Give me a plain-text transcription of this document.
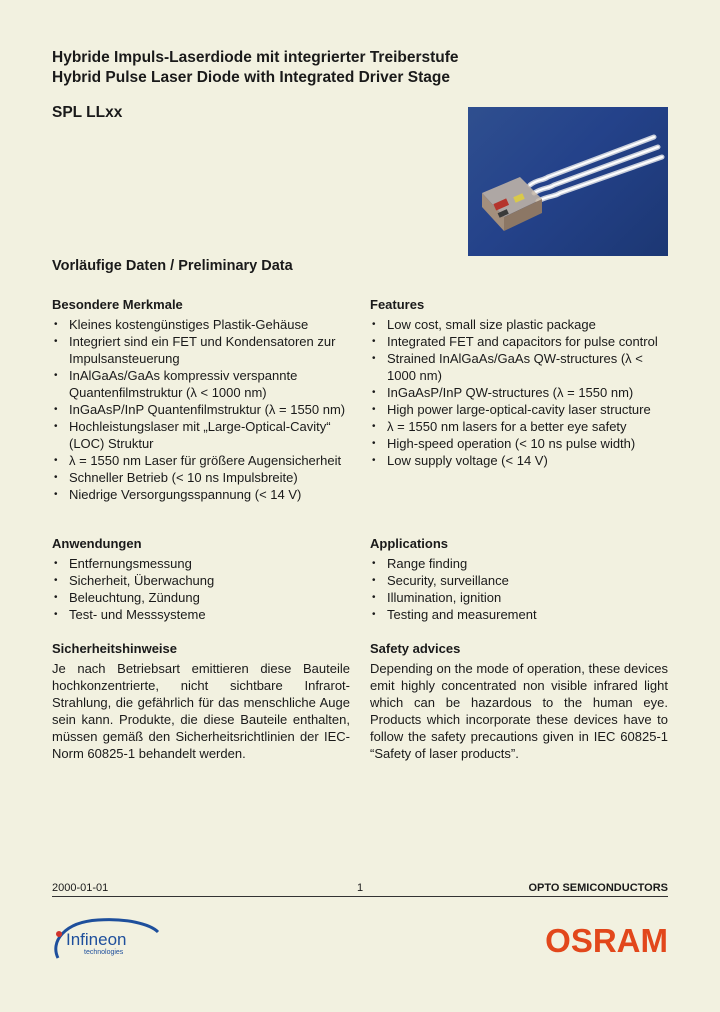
Hybride Impuls-Laserdiode mit integrierter Treiberstufe

Hybrid Pulse Laser Diode with Integrated Driver Stage

SPL LLxx
Vorläufige Daten / Preliminary Data
Besondere Merkmale
• Kleines kostengünstiges Plastik-Gehäuse
• Integriert sind ein FET und Kondensatoren zur Impulsansteuerung
• InAlGaAs/GaAs kompressiv verspannte Quantenfilmstruktur (λ < 1000 nm)
• InGaAsP/InP Quantenfilmstruktur (λ = 1550 nm)
• Hochleistungslaser mit „Large-Optical-Cavity“ (LOC) Struktur
• λ = 1550 nm Laser für größere Augensicherheit
• Schneller Betrieb (< 10 ns Impulsbreite)
• Niedrige Versorgungsspannung (< 14 V)
Features
• Low cost, small size plastic package
• Integrated FET and capacitors for pulse control
• Strained InAlGaAs/GaAs QW-structures (λ < 1000 nm)
• InGaAsP/InP QW-structures (λ = 1550 nm)
• High power large-optical-cavity laser structure
• λ = 1550 nm lasers for a better eye safety
• High-speed operation (< 10 ns pulse width)
• Low supply voltage (< 14 V)
Anwendungen
• Entfernungsmessung
• Sicherheit, Überwachung
• Beleuchtung, Zündung
• Test- und Messsysteme
Applications
• Range finding
• Security, surveillance
• Illumination, ignition
• Testing and measurement
Sicherheitshinweise

Je nach Betriebsart emittieren diese Bauteile hochkonzentrierte, nicht sichtbare Infrarot-Strahlung, die gefährlich für das menschliche Auge sein kann. Produkte, die diese Bauteile enthalten, müssen gemäß den Sicherheitsrichtlinien der IEC-Norm 60825-1 behandelt werden.

Safety advices

Depending on the mode of operation, these devices emit highly concentrated non visible infrared light which can be hazardous to the human eye. Products which incorporate these devices have to follow the safety precautions given in IEC 60825-1 “Safety of laser products”.

2000-01-01	1	OPTO SEMICONDUCTORS
Infineon
technologies	OSRAM
